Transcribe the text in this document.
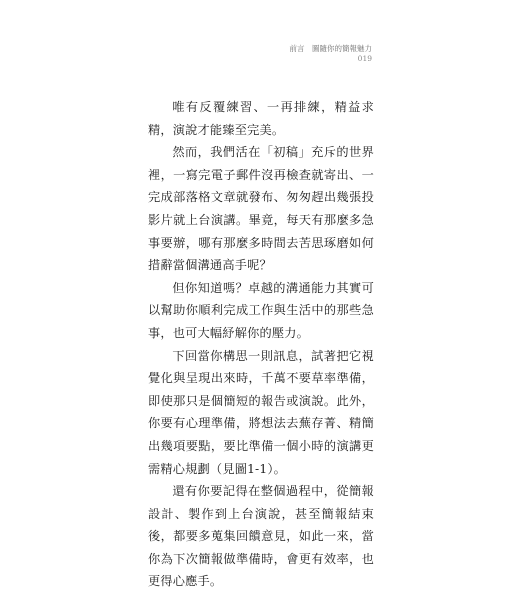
前言　圖隨你的簡報魅力
019

唯有反覆練習、一再排練，精益求精，演說才能臻至完美。

然而，我們活在「初稿」充斥的世界裡，一寫完電子郵件沒再檢查就寄出、一完成部落格文章就發布、匆匆趕出幾張投影片就上台演講。畢竟，每天有那麼多急事要辦，哪有那麼多時間去苦思琢磨如何措辭當個溝通高手呢？

但你知道嗎？卓越的溝通能力其實可以幫助你順利完成工作與生活中的那些急事，也可大幅紓解你的壓力。

下回當你構思一則訊息，試著把它視覺化與呈現出來時，千萬不要草率準備，即使那只是個簡短的報告或演說。此外，你要有心理準備，將想法去蕪存菁、精簡出幾項要點，要比準備一個小時的演講更需精心規劃（見圖1-1）。

還有你要記得在整個過程中，從簡報設計、製作到上台演說，甚至簡報結束後，都要多蒐集回饋意見，如此一來，當你為下次簡報做準備時，會更有效率，也更得心應手。
